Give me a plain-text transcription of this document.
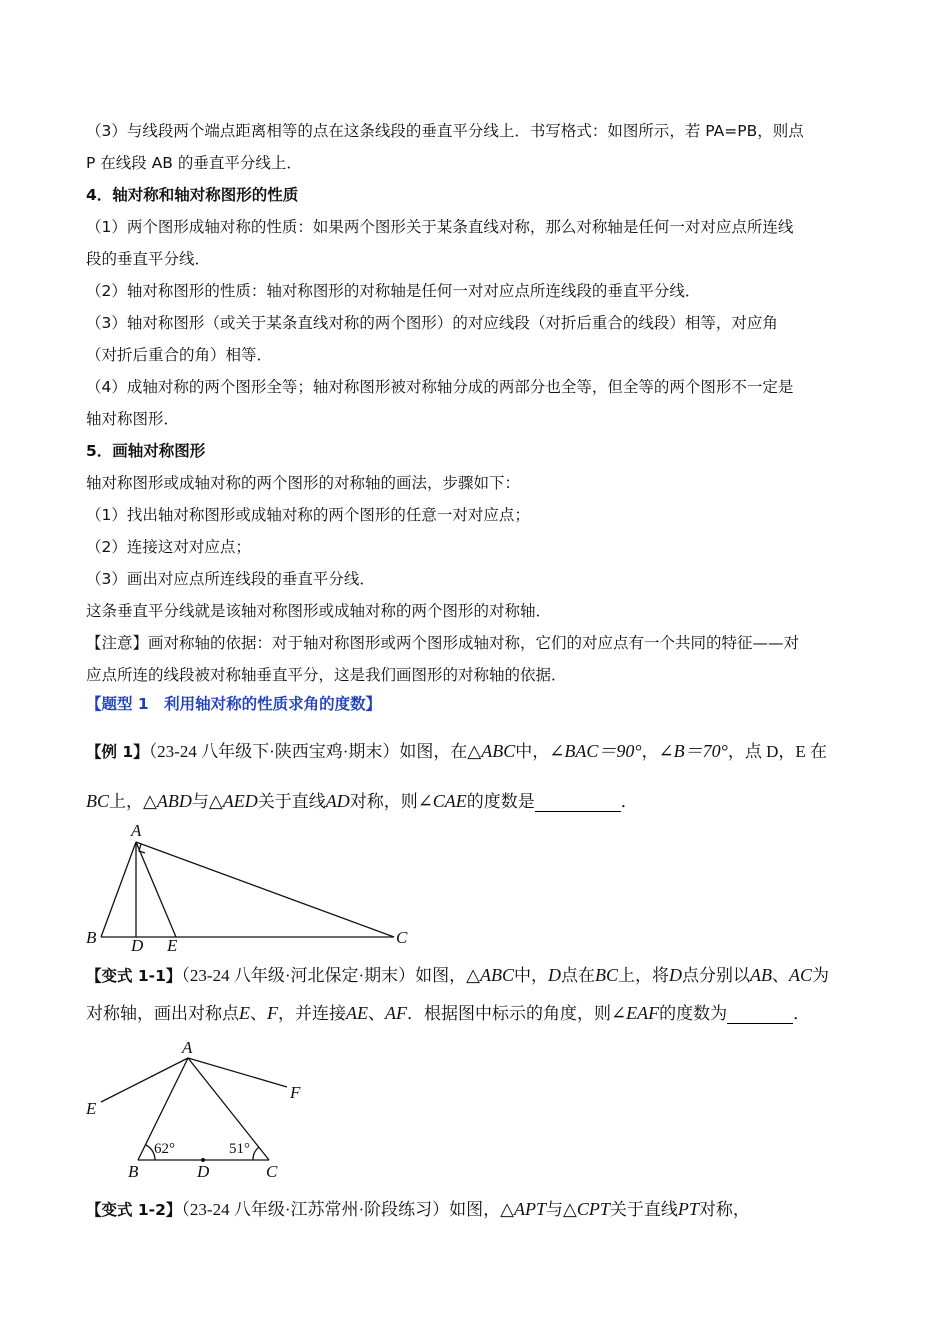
（3）与线段两个端点距离相等的点在这条线段的垂直平分线上．书写格式：如图所示，若 PA=PB，则点
P 在线段 AB 的垂直平分线上．
4．轴对称和轴对称图形的性质
（1）两个图形成轴对称的性质：如果两个图形关于某条直线对称，那么对称轴是任何一对对应点所连线
段的垂直平分线．
（2）轴对称图形的性质：轴对称图形的对称轴是任何一对对应点所连线段的垂直平分线．
（3）轴对称图形（或关于某条直线对称的两个图形）的对应线段（对折后重合的线段）相等，对应角
（对折后重合的角）相等．
（4）成轴对称的两个图形全等；轴对称图形被对称轴分成的两部分也全等，但全等的两个图形不一定是
轴对称图形．
5．画轴对称图形
轴对称图形或成轴对称的两个图形的对称轴的画法，步骤如下：
（1）找出轴对称图形或成轴对称的两个图形的任意一对对应点；
（2）连接这对对应点；
（3）画出对应点所连线段的垂直平分线．
这条垂直平分线就是该轴对称图形或成轴对称的两个图形的对称轴．
【注意】画对称轴的依据：对于轴对称图形或两个图形成轴对称，它们的对应点有一个共同的特征——对
应点所连的线段被对称轴垂直平分，这是我们画图形的对称轴的依据．
【题型 1　利用轴对称的性质求角的度数】
【例 1】（23-24 八年级下·陕西宝鸡·期末）如图，在△ABC中，∠BAC＝90°，∠B＝70°，点 D，E 在
BC上，△ABD与△AED关于直线AD对称，则∠CAE的度数是	．
【变式 1-1】（23-24 八年级·河北保定·期末）如图，△ABC中，D点在BC上，将D点分别以AB、AC为
对称轴，画出对称点E、F，并连接AE、AF．根据图中标示的角度，则∠EAF的度数为	．
【变式 1-2】（23-24 八年级·江苏常州·阶段练习）如图，△APT与△CPT关于直线PT对称，
A
B D E	C
A
E
F
B	D	C
62°	51°
